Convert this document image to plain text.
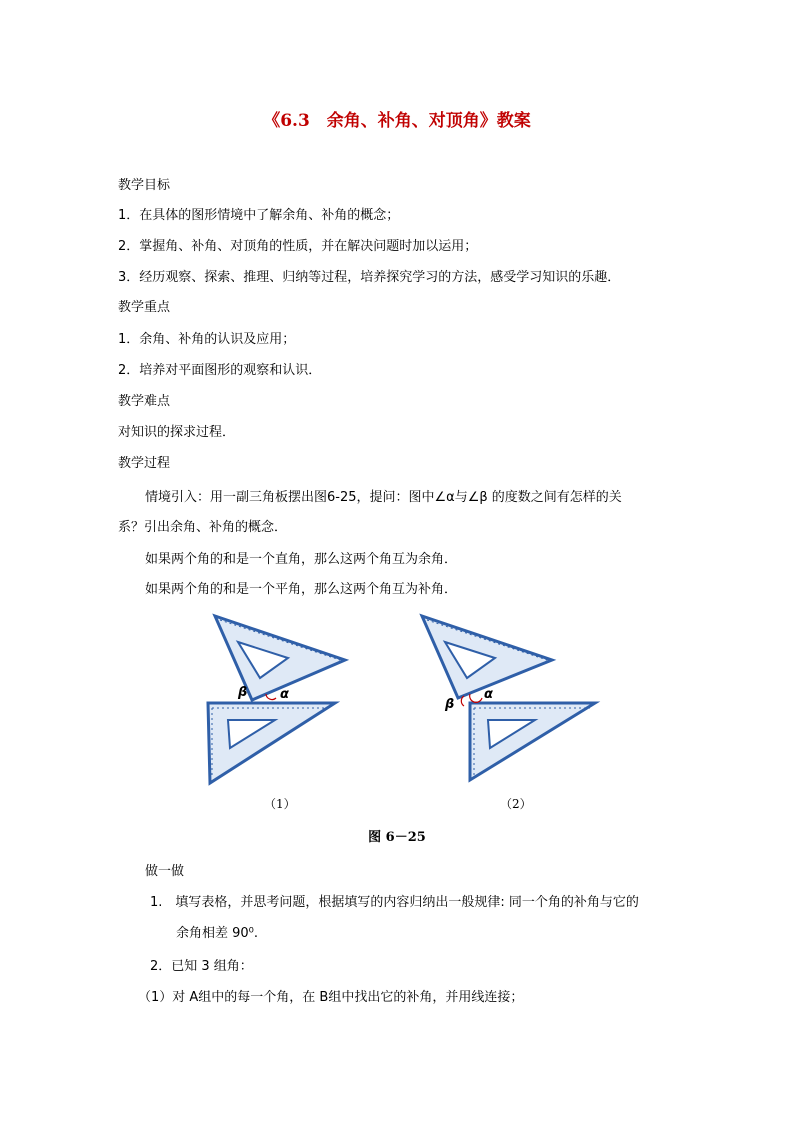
《6.3　余角、补角、对顶角》教案
教学目标
1．在具体的图形情境中了解余角、补角的概念；
2．掌握角、补角、对顶角的性质，并在解决问题时加以运用；
3．经历观察、探索、推理、归纳等过程，培养探究学习的方法，感受学习知识的乐趣．
教学重点
1．余角、补角的认识及应用；
2．培养对平面图形的观察和认识．
教学难点
对知识的探求过程．
教学过程
情境引入：用一副三角板摆出图6-25，提问：图中∠α与∠β 的度数之间有怎样的关
系？引出余角、补角的概念．
如果两个角的和是一个直角，那么这两个角互为余角．
如果两个角的和是一个平角，那么这两个角互为补角．
β	α
β
α
（1）	（2）
图 6－25
做一做
1.　填写表格，并思考问题，根据填写的内容归纳出一般规律: 同一个角的补角与它的
余角相差 90⁰.
2．已知 3 组角：
（1）对 A组中的每一个角，在 B组中找出它的补角，并用线连接；
